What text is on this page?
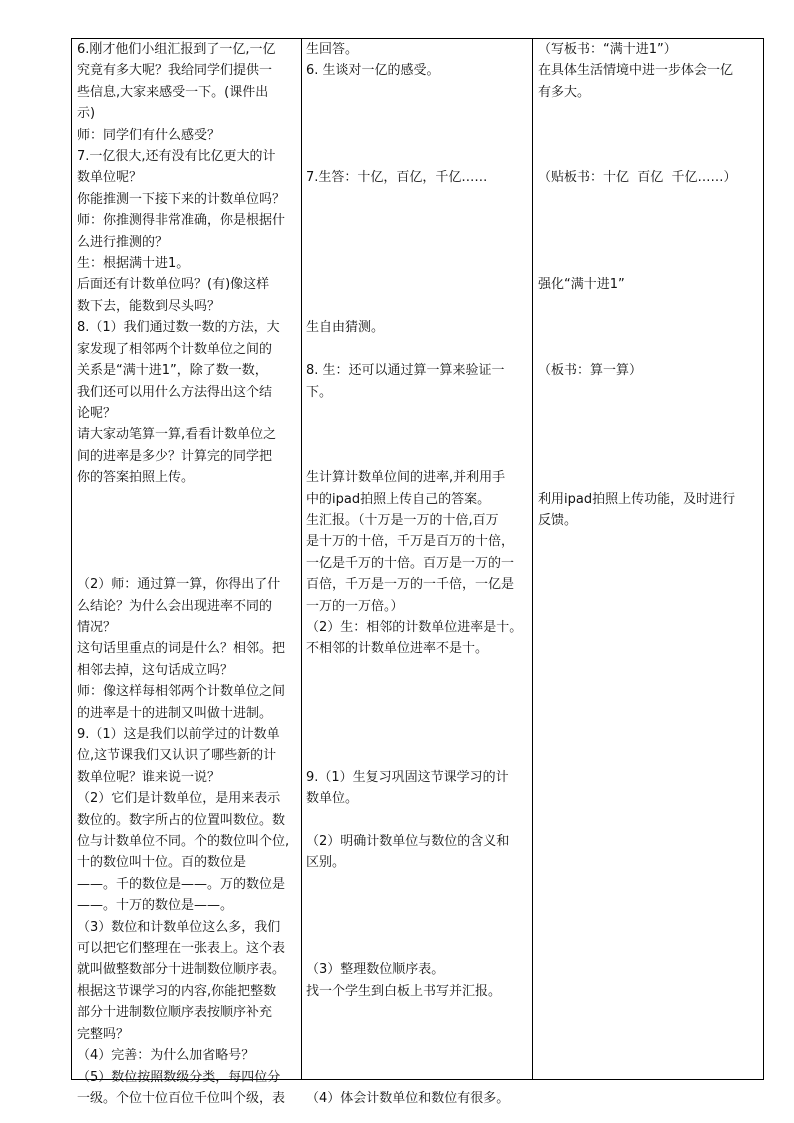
6.刚才他们小组汇报到了一亿,一亿

究竟有多大呢？我给同学们提供一

些信息,大家来感受一下。(课件出

示)

师：同学们有什么感受？

7.一亿很大,还有没有比亿更大的计

数单位呢？

你能推测一下接下来的计数单位吗？

师：你推测得非常准确，你是根据什

么进行推测的？

生：根据满十进1。

后面还有计数单位吗？(有)像这样

数下去，能数到尽头吗？

8.（1）我们通过数一数的方法，大

家发现了相邻两个计数单位之间的

关系是“满十进1”，除了数一数，

我们还可以用什么方法得出这个结

论呢？

请大家动笔算一算,看看计数单位之

间的进率是多少？计算完的同学把

你的答案拍照上传。

（2）师：通过算一算，你得出了什

么结论？为什么会出现进率不同的

情况？

这句话里重点的词是什么？相邻。把

相邻去掉，这句话成立吗？

师：像这样每相邻两个计数单位之间

的进率是十的进制又叫做十进制。

9.（1）这是我们以前学过的计数单

位,这节课我们又认识了哪些新的计

数单位呢？谁来说一说？

（2）它们是计数单位，是用来表示

数位的。数字所占的位置叫数位。数

位与计数单位不同。个的数位叫个位,

十的数位叫十位。百的数位是

——。千的数位是——。万的数位是

——。十万的数位是——。

（3）数位和计数单位这么多，我们

可以把它们整理在一张表上。这个表

就叫做整数部分十进制数位顺序表。

根据这节课学习的内容,你能把整数

部分十进制数位顺序表按顺序补充

完整吗？

（4）完善：为什么加省略号？

（5）数位按照数级分类，每四位分

一级。个位十位百位千位叫个级，表

生回答。

6. 生谈对一亿的感受。

7.生答：十亿，百亿，千亿……

生自由猜测。

8. 生：还可以通过算一算来验证一

下。

生计算计数单位间的进率,并利用手

中的ipad拍照上传自己的答案。

生汇报。（十万是一万的十倍,百万

是十万的十倍，千万是百万的十倍，

一亿是千万的十倍。百万是一万的一

百倍，千万是一万的一千倍，一亿是

一万的一万倍。）

（2）生：相邻的计数单位进率是十。

不相邻的计数单位进率不是十。

9.（1）生复习巩固这节课学习的计

数单位。

（2）明确计数单位与数位的含义和

区别。

（3）整理数位顺序表。

找一个学生到白板上书写并汇报。

（4）体会计数单位和数位有很多。

（写板书：“满十进1”）

在具体生活情境中进一步体会一亿

有多大。

（贴板书：十亿  百亿  千亿……）

强化“满十进1”

（板书：算一算）

利用ipad拍照上传功能，及时进行

反馈。
